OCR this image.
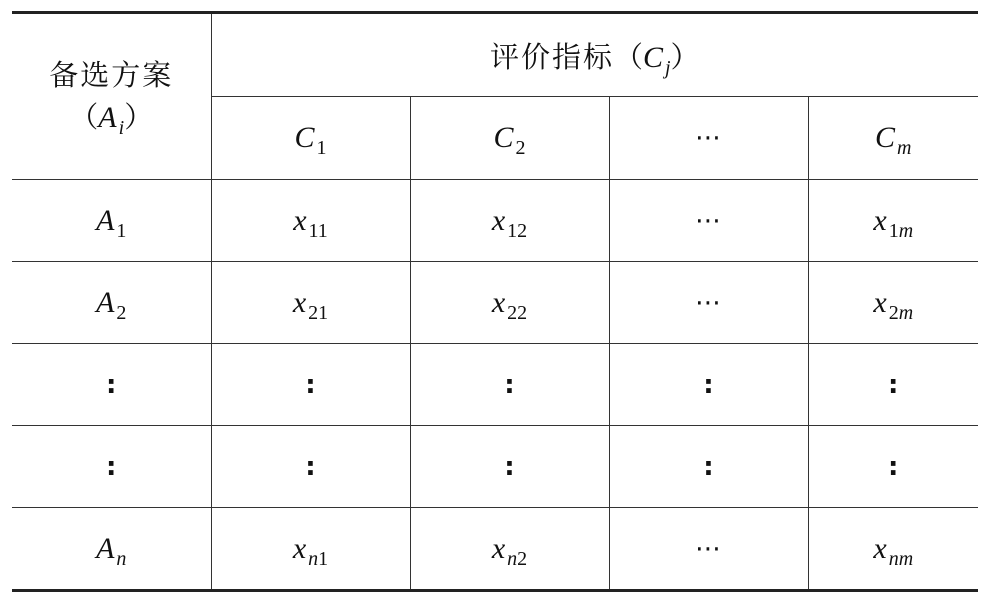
备选方案
（A $_i$）	评价指标（C $_j$）			
	C $_1$	C $_2$	⋯	C $_m$
A $_1$	x $_{11}$	x $_{12}$	⋯	x $_{1m}$
A $_2$	x $_{21}$	x $_{22}$	⋯	x $_{2m}$
:	:	:	:	:
:	:	:	:	:
A $_n$	x $_{n1}$	x $_{n2}$	⋯	x $_{nm}$
